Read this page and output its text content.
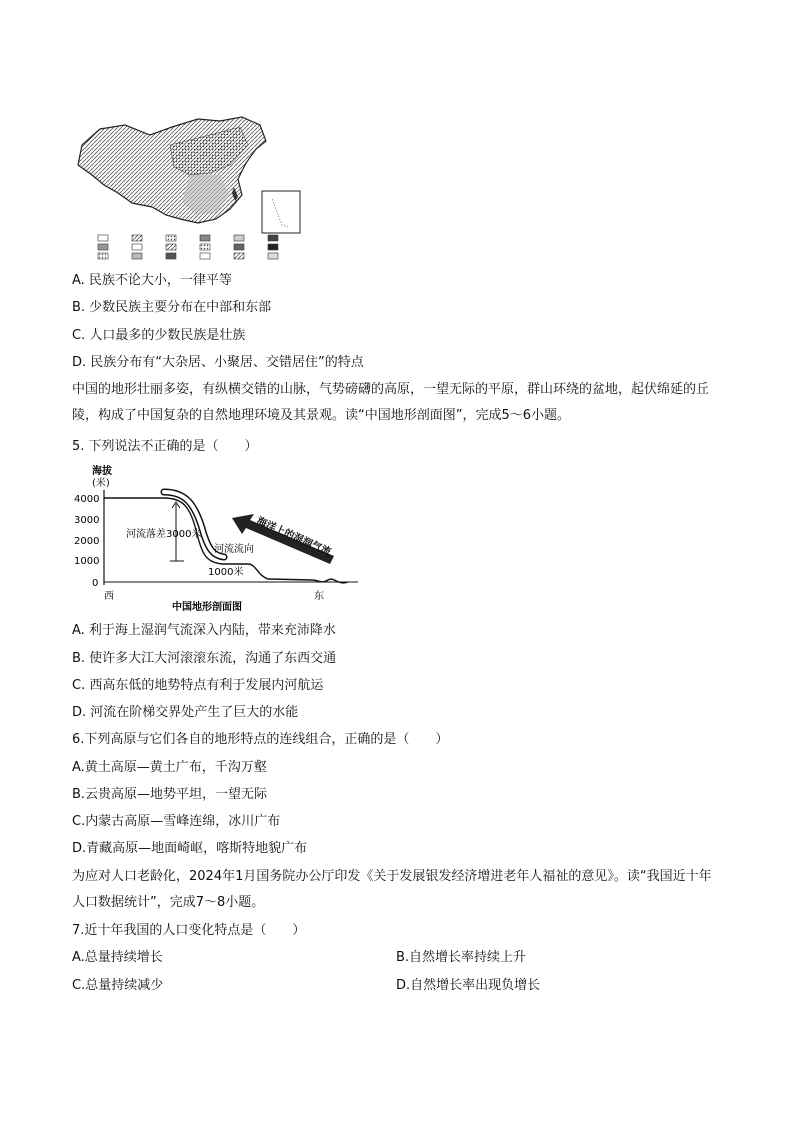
A. 民族不论大小，一律平等
B. 少数民族主要分布在中部和东部
C. 人口最多的少数民族是壮族
D. 民族分布有“大杂居、小聚居、交错居住”的特点
中国的地形壮丽多姿，有纵横交错的山脉，气势磅礴的高原，一望无际的平原，群山环绕的盆地，起伏绵延的丘陵，构成了中国复杂的自然地理环境及其景观。读“中国地形剖面图”，完成5～6小题。
5. 下列说法不正确的是（　　）
海拔
(米)
4000
3000
2000
1000
0
河流落差3000米
河流流向
1000米
海洋上的湿润气流
西	东
中国地形剖面图
A. 利于海上湿润气流深入内陆，带来充沛降水
B. 使许多大江大河滚滚东流，沟通了东西交通
C. 西高东低的地势特点有利于发展内河航运
D. 河流在阶梯交界处产生了巨大的水能
6.下列高原与它们各自的地形特点的连线组合，正确的是（　　）
A.黄土高原—黄土广布，千沟万壑
B.云贵高原—地势平坦，一望无际
C.内蒙古高原—雪峰连绵，冰川广布
D.青藏高原—地面崎岖，喀斯特地貌广布
为应对人口老龄化，2024年1月国务院办公厅印发《关于发展银发经济增进老年人福祉的意见》。读“我国近十年人口数据统计”，完成7～8小题。
7.近十年我国的人口变化特点是（　　）
A.总量持续增长	B.自然增长率持续上升
C.总量持续减少	D.自然增长率出现负增长
